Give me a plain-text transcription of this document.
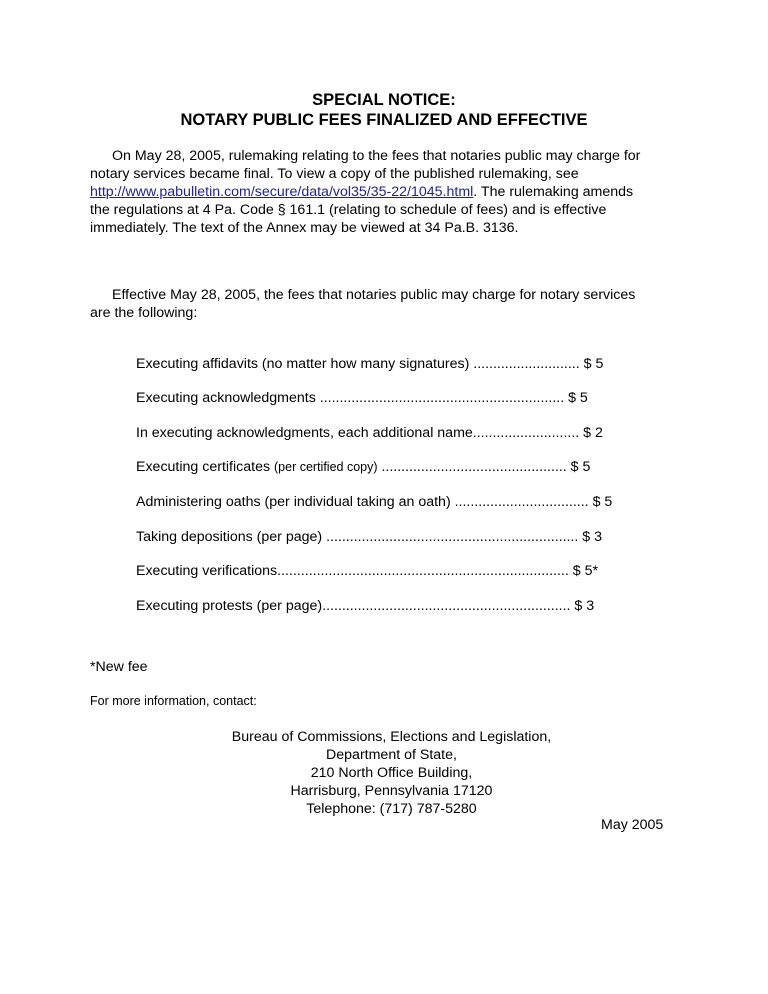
SPECIAL NOTICE:
NOTARY PUBLIC FEES FINALIZED AND EFFECTIVE
On May 28, 2005, rulemaking relating to the fees that notaries public may charge for
notary services became final. To view a copy of the published rulemaking, see
http://www.pabulletin.com/secure/data/vol35/35-22/1045.html. The rulemaking amends
the regulations at 4 Pa. Code § 161.1 (relating to schedule of fees) and is effective
immediately. The text of the Annex may be viewed at 34 Pa.B. 3136.
Effective May 28, 2005, the fees that notaries public may charge for notary services
are the following:
Executing affidavits (no matter how many signatures) ........................... $ 5
Executing acknowledgments .............................................................. $ 5
In executing acknowledgments, each additional name........................... $ 2
Executing certificates (per certified copy) ............................................... $ 5
Administering oaths (per individual taking an oath) .................................. $ 5
Taking depositions (per page) ................................................................ $ 3
Executing verifications.......................................................................... $ 5*
Executing protests (per page)............................................................... $ 3
*New fee
For more information, contact:
Bureau of Commissions, Elections and Legislation,
Department of State,
210 North Office Building,
Harrisburg, Pennsylvania 17120
Telephone: (717) 787-5280
May 2005
